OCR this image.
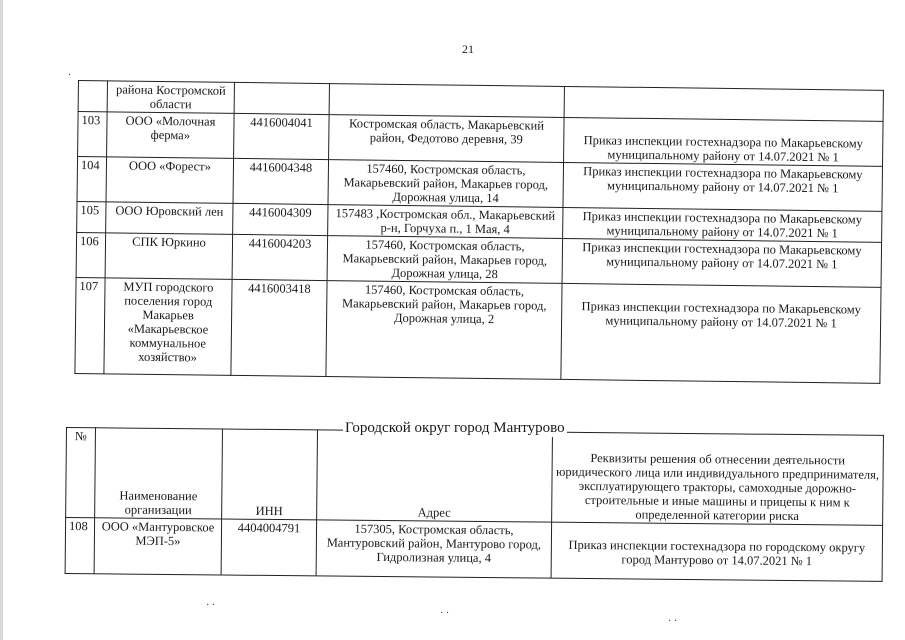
21
	района Костромской области			
103	ООО «Молочная ферма»	4416004041	Костромская область, Макарьевский район, Федотово деревня, 39	Приказ инспекции гостехнадзора по Макарьевскому муниципальному району от 14.07.2021 № 1

104	ООО «Форест»	4416004348	157460, Костромская область, Макарьевский район, Макарьев город, Дорожная улица, 14	Приказ инспекции гостехнадзора по Макарьевскому муниципальному району от 14.07.2021 № 1
105	ООО Юровский лен	4416004309	157483 ,Костромская обл., Макарьевский р-н, Горчуха п., 1 Мая, 4	Приказ инспекции гостехнадзора по Макарьевскому муниципальному району от 14.07.2021 № 1
106	СПК Юркино	4416004203	157460, Костромская область, Макарьевский район, Макарьев город, Дорожная улица, 28	Приказ инспекции гостехнадзора по Макарьевскому муниципальному району от 14.07.2021 № 1
107	МУП городского поселения город Макарьев «Макарьевское коммунальное хозяйство»	4416003418	157460, Костромская область, Макарьевский район, Макарьев город, Дорожная улица, 2	Приказ инспекции гостехнадзора по Макарьевскому муниципальному району от 14.07.2021 № 1
№	Наименование организации	ИНН	Адрес	Реквизиты решения об отнесении деятельности юридического лица или индивидуального предпринимателя, эксплуатирующего тракторы, самоходные дорожно-строительные и иные машины и прицепы к ним к определенной категории риска
108	ООО «Мантуровское МЭП-5»	4404004791	157305, Костромская область, Мантуровский район, Мантурово город, Гидролизная улица, 4	Приказ инспекции гостехнадзора по городскому округу город Мантурово от 14.07.2021 № 1
Городской округ город Мантурово
·
· ·
· ·
· ·
